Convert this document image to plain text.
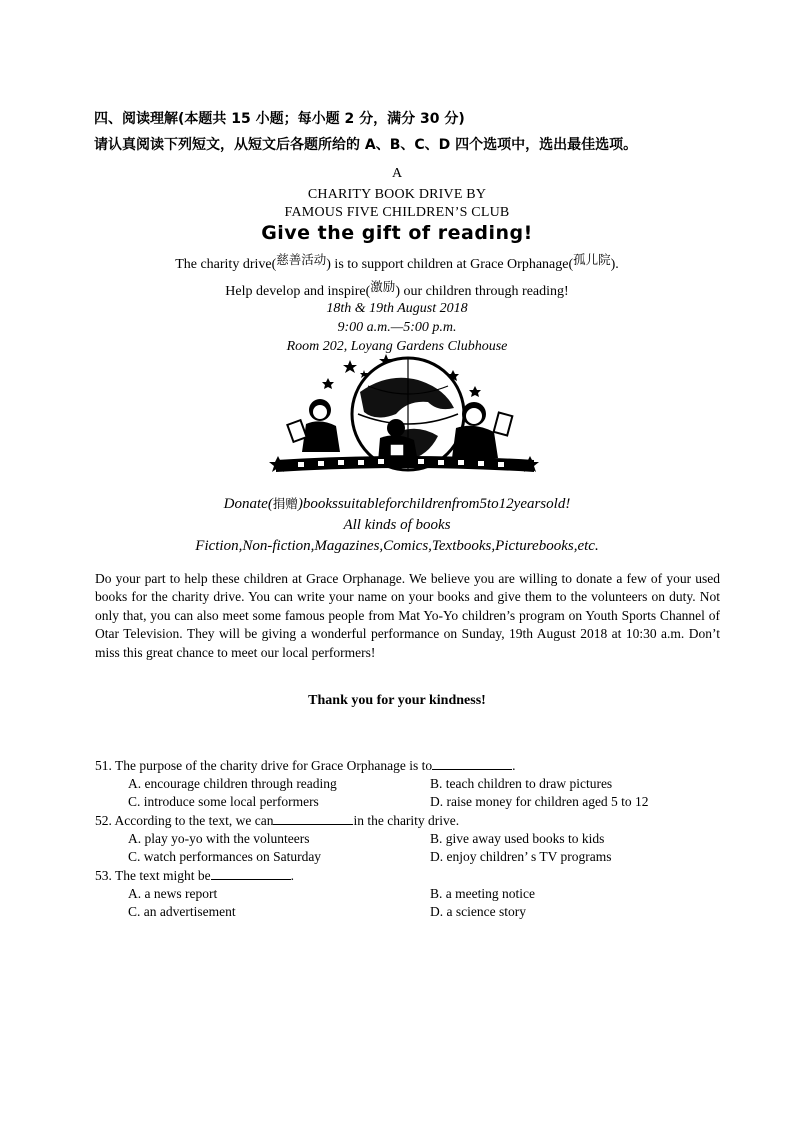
四、阅读理解(本题共 15 小题；每小题 2 分，满分 30 分)
请认真阅读下列短文，从短文后各题所给的 A、B、C、D 四个选项中，选出最佳选项。
A
CHARITY BOOK DRIVE BY
FAMOUS FIVE CHILDREN’S CLUB
Give the gift of reading!
The charity drive(慈善活动) is to support children at Grace Orphanage(孤儿院).
Help develop and inspire(激励) our children through reading!
18th & 19th August 2018
9:00 a.m.—5:00 p.m.
Room 202, Loyang Gardens Clubhouse
Donate(捐赠)bookssuitableforchildrenfrom5to12yearsold!
All kinds of books
Fiction,Non-fiction,Magazines,Comics,Textbooks,Picturebooks,etc.
Do your part to help these children at Grace Orphanage. We believe you are willing to donate a few of your used books for the charity drive. You can write your name on your books and give them to the volunteers on duty. Not only that, you can also meet some famous people from Mat Yo-Yo children’s program on Youth Sports Channel of Otar Television. They will be giving a wonderful performance on Sunday, 19th August 2018 at 10:30 a.m. Don’t miss this great chance to meet our local performers!
Thank you for your kindness!
51. The purpose of the charity drive for Grace Orphanage is to	.
A. encourage children through reading	B. teach children to draw pictures
C. introduce some local performers	D. raise money for children aged 5 to 12
52. According to the text, we can	in the charity drive.
A. play yo-yo with the volunteers	B. give away used books to kids
C. watch performances on Saturday	D. enjoy children’ s TV programs
53. The text might be	.
A. a news report	B. a meeting notice
C. an advertisement	D. a science story
